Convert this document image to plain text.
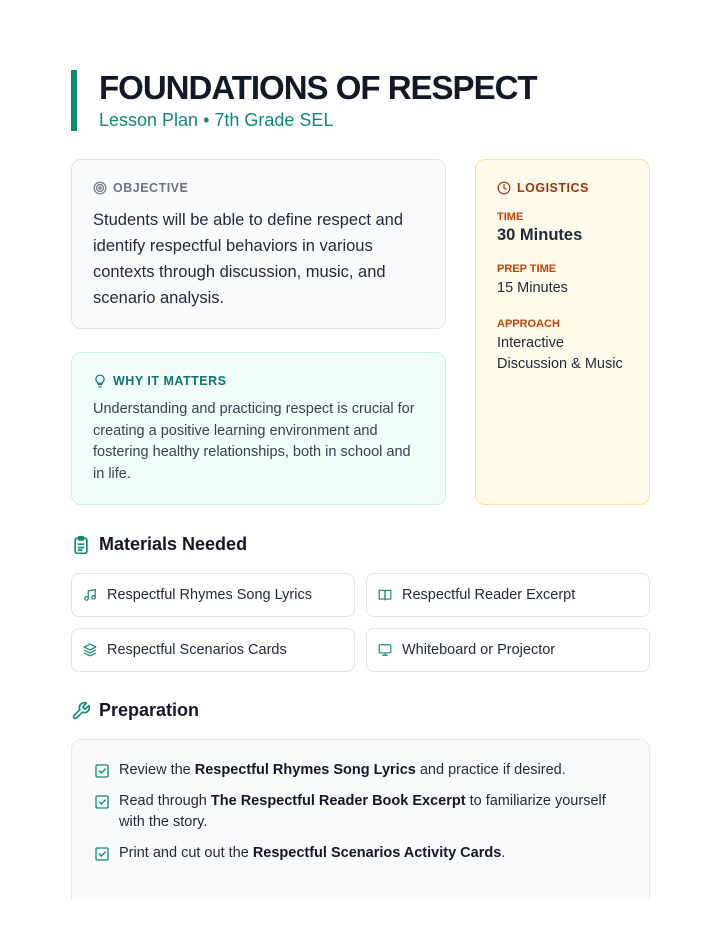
FOUNDATIONS OF RESPECT
Lesson Plan • 7th Grade SEL
OBJECTIVE
Students will be able to define respect and identify respectful behaviors in various contexts through discussion, music, and scenario analysis.
WHY IT MATTERS
Understanding and practicing respect is crucial for creating a positive learning environment and fostering healthy relationships, both in school and in life.
LOGISTICS
TIME
30 Minutes
PREP TIME
15 Minutes
APPROACH
Interactive Discussion & Music
Materials Needed
Respectful Rhymes Song Lyrics	Respectful Reader Excerpt
Respectful Scenarios Cards	Whiteboard or Projector
Preparation
Review the Respectful Rhymes Song Lyrics and practice if desired.
Read through The Respectful Reader Book Excerpt to familiarize yourself with the story.
Print and cut out the Respectful Scenarios Activity Cards.
